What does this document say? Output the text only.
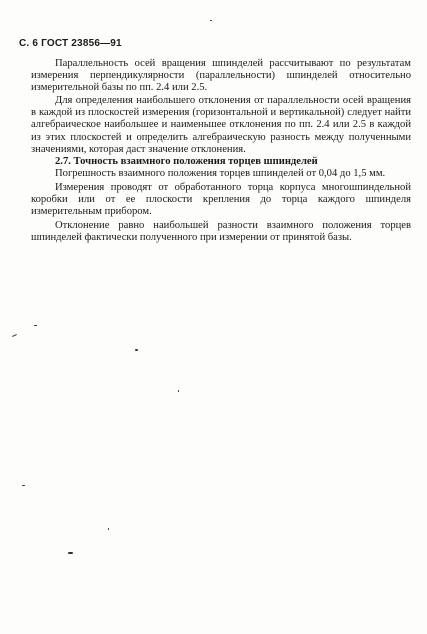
С. 6 ГОСТ 23856—91

Параллельность осей вращения шпинделей рассчитывают по результатам измерения перпендикулярности (параллельности) шпинделей относительно измерительной базы по пп. 2.4 или 2.5.

Для определения наибольшего отклонения от параллельности осей вращения в каждой из плоскостей измерения (горизонтальной и вертикальной) следует найти алгебраическое наибольшее и наименьшее отклонения по пп. 2.4 или 2.5 в каждой из этих плоскостей и определить алгебраическую разность между полученными значениями, которая даст значение отклонения.

2.7. Точность взаимного положения торцев шпинделей

Погрешность взаимного положения торцев шпинделей от 0,04 до 1,5 мм.

Измерения проводят от обработанного торца корпуса многошпиндельной коробки или от ее плоскости крепления до торца каждого шпинделя измерительным прибором.

Отклонение равно наибольшей разности взаимного положения торцев шпинделей фактически полученного при измерении от принятой базы.
